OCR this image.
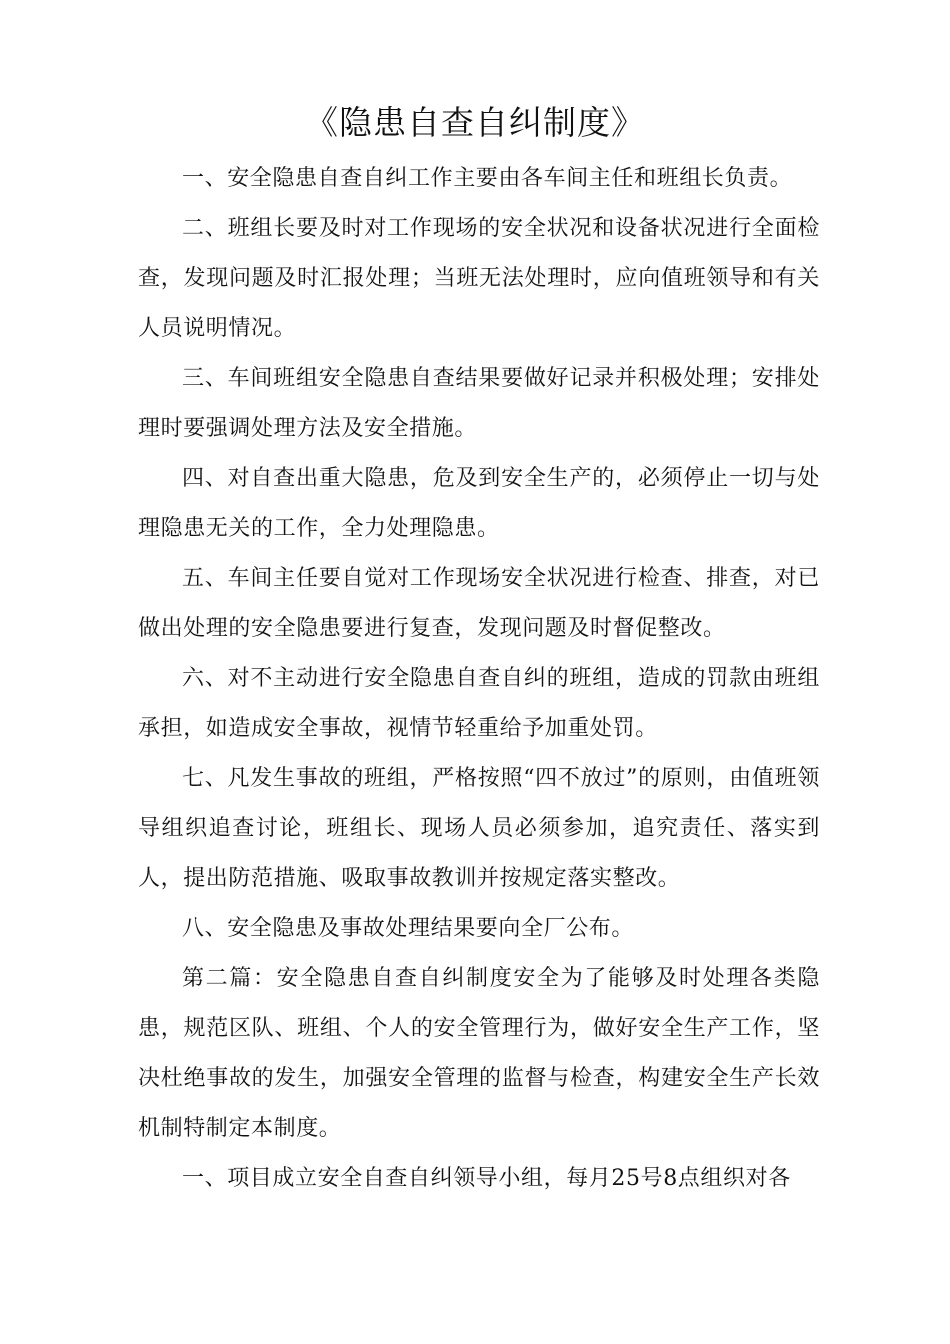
《隐患自查自纠制度》

一、安全隐患自查自纠工作主要由各车间主任和班组长负责。

二、班组长要及时对工作现场的安全状况和设备状况进行全面检查，发现问题及时汇报处理；当班无法处理时，应向值班领导和有关人员说明情况。

三、车间班组安全隐患自查结果要做好记录并积极处理；安排处理时要强调处理方法及安全措施。

四、对自查出重大隐患，危及到安全生产的，必须停止一切与处理隐患无关的工作，全力处理隐患。

五、车间主任要自觉对工作现场安全状况进行检查、排查，对已做出处理的安全隐患要进行复查，发现问题及时督促整改。

六、对不主动进行安全隐患自查自纠的班组，造成的罚款由班组承担，如造成安全事故，视情节轻重给予加重处罚。

七、凡发生事故的班组，严格按照“四不放过”的原则，由值班领导组织追查讨论，班组长、现场人员必须参加，追究责任、落实到人，提出防范措施、吸取事故教训并按规定落实整改。

八、安全隐患及事故处理结果要向全厂公布。

第二篇：安全隐患自查自纠制度安全为了能够及时处理各类隐患，规范区队、班组、个人的安全管理行为，做好安全生产工作，坚决杜绝事故的发生，加强安全管理的监督与检查，构建安全生产长效机制特制定本制度。

一、项目成立安全自查自纠领导小组，每月25号8点组织对各
